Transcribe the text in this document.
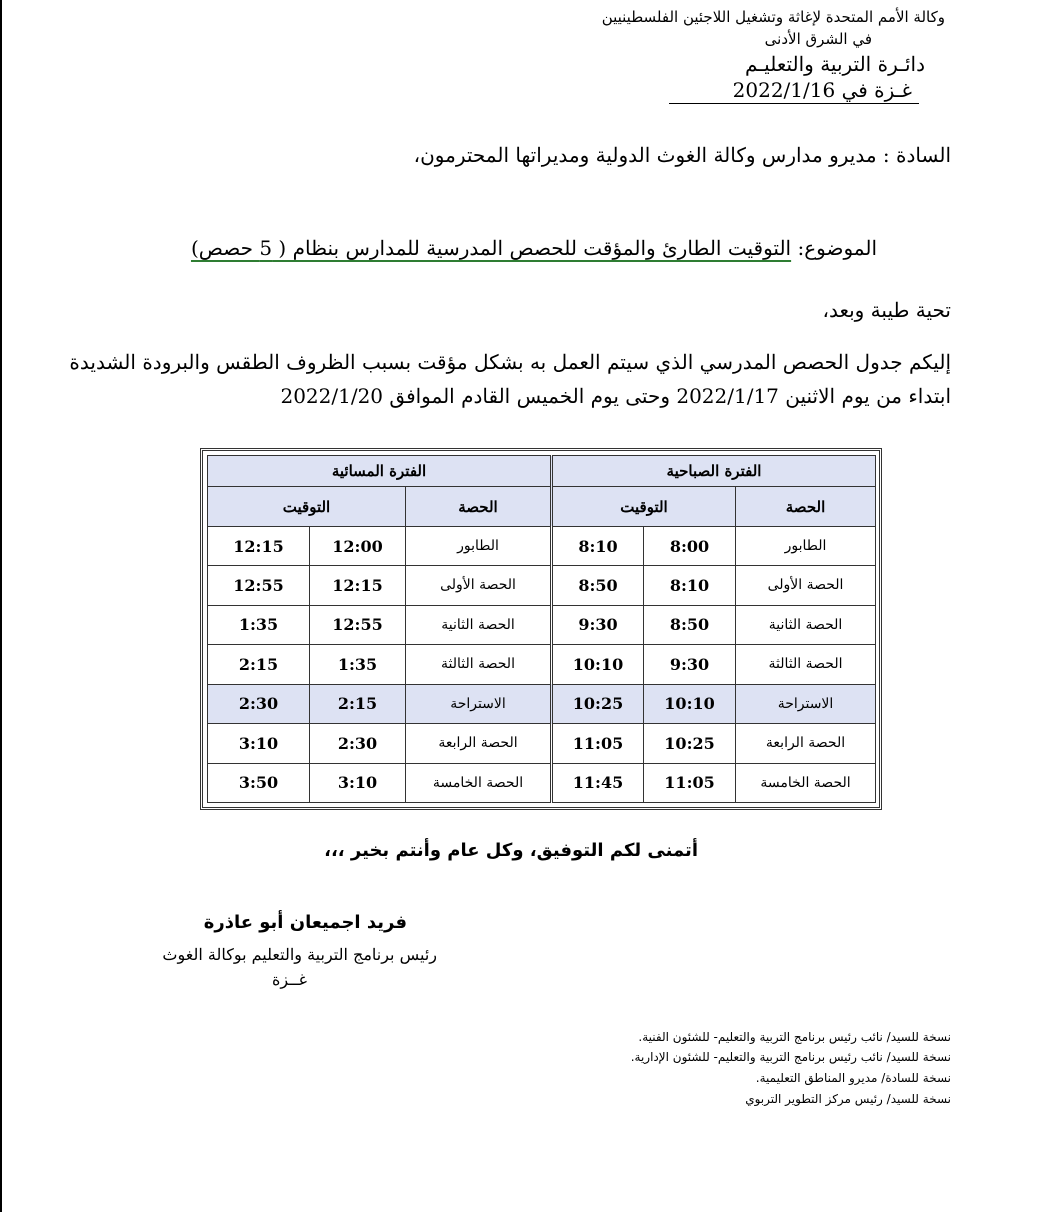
وكالة الأمم المتحدة لإغاثة وتشغيل اللاجئين الفلسطينيين
في الشرق الأدنى
دائـرة التربية والتعليـم
غـزة في 2022/1/16
السادة : مديرو مدارس وكالة الغوث الدولية ومديراتها المحترمون،
الموضوع: التوقيت الطارئ والمؤقت للحصص المدرسية للمدارس بنظام ( 5 حصص)
تحية طيبة وبعد،
إليكم جدول الحصص المدرسي الذي سيتم العمل به بشكل مؤقت بسبب الظروف الطقس والبرودة الشديدة
ابتداء من يوم الاثنين 2022/1/17 وحتى يوم الخميس القادم الموافق 2022/1/20
الفترة الصباحية			الفترة المسائية		
الحصة	التوقيت		الحصة	التوقيت	
الطابور	8:00	8:10	الطابور	12:00	12:15
الحصة الأولى	8:10	8:50	الحصة الأولى	12:15	12:55
الحصة الثانية	8:50	9:30	الحصة الثانية	12:55	1:35
الحصة الثالثة	9:30	10:10	الحصة الثالثة	1:35	2:15
الاستراحة	10:10	10:25	الاستراحة	2:15	2:30
الحصة الرابعة	10:25	11:05	الحصة الرابعة	2:30	3:10
الحصة الخامسة	11:05	11:45	الحصة الخامسة	3:10	3:50
أتمنى لكم التوفيق، وكل عام وأنتم بخير ،،،
فريد اجميعان أبو عاذرة
رئيس برنامج التربية والتعليم بوكالة الغوث
غــزة
نسخة للسيد/ نائب رئيس برنامج التربية والتعليم- للشئون الفنية.
نسخة للسيد/ نائب رئيس برنامج التربية والتعليم- للشئون الإدارية.
نسخة للسادة/ مديرو المناطق التعليمية.
نسخة للسيد/ رئيس مركز التطوير التربوي
